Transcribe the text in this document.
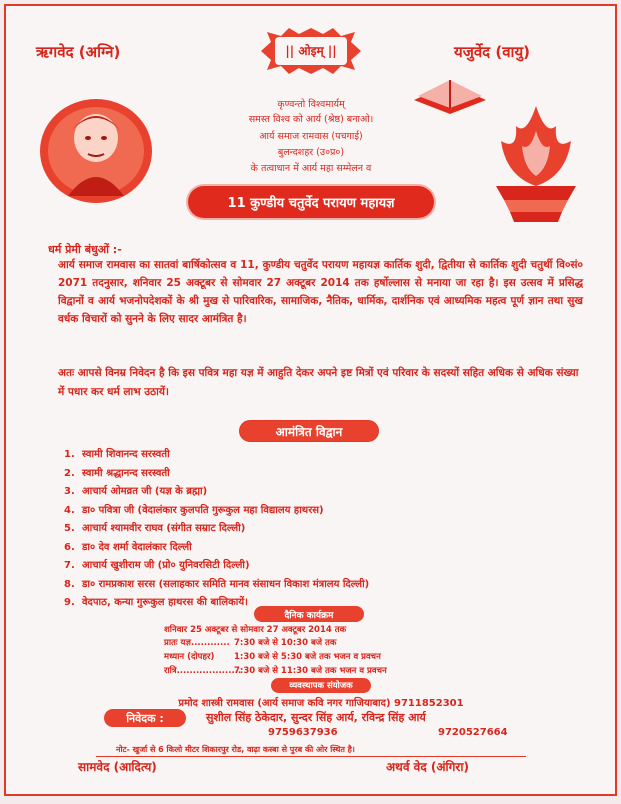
ऋगवेद (अग्नि)	यजुर्वेद (वायु)
|| ओइम् ||
कृण्वन्तो विश्वमार्यम्
समस्त विश्व को आर्य (श्रेष्ठ) बनाओ।
आर्य समाज रामवास (पचगाई)
बुलन्दशहर (उ०प्र०)
के तत्वाधान में आर्य महा सम्मेलन व
11 कुण्डीय चतुर्वेद परायण महायज्ञ
धर्म प्रेमी बंधुओं :-
आर्य समाज रामवास का सातवां बार्षिकोत्सव व 11, कुण्डीय चतुर्वेद परायण महायज्ञ कार्तिक शुदी, द्वितीया से कार्तिक शुदी चतुर्थी वि०सं० 2071 तदनुसार, शनिवार 25 अक्टूबर से सोमवार 27 अक्टूबर 2014 तक हर्षोल्लास से मनाया जा रहा है। इस उत्सव में प्रसिद्ध विद्वानों व आर्य भजनोपदेशकों के श्री मुख से पारिवारिक, सामाजिक, नैतिक, धार्मिक, दार्शनिक एवं आध्यमिक महत्व पूर्ण ज्ञान तथा सुख वर्धक विचारों को सुनने के लिए सादर आमंत्रित है।
अतः आपसे विनम्र निवेदन है कि इस पवित्र महा यज्ञ में आहुति देकर अपने इष्ट मित्रों एवं परिवार के सदस्यों सहित अधिक से अधिक संख्या में पधार कर धर्म लाभ उठायें।
आमंत्रित विद्वान
1. स्वामी शिवानन्द सरस्वती
2. स्वामी श्रद्धानन्द सरस्वती
3. आचार्य ओमव्रत जी (यज्ञ के ब्रह्मा)
4. डा० पवित्रा जी (वेदालंकार कुलपति गुरूकुल महा विद्यालय हाथरस)
5. आचार्य श्यामवीर राघव (संगीत सम्राट दिल्ली)
6. डा० देव शर्मा वेदालंकार दिल्ली
7. आचार्य खुशीराम जी (प्रो० युनिवरसिटी दिल्ली)
8. डा० रामप्रकाश सरस (सलाहकार समिति मानव संसाधन विकाश मंत्रालय दिल्ली)
9. वेदपाठ, कन्या गुरूकुल हाथरस की बालिकायें।
दैनिक कार्यक्रम
शनिवार 25 अक्टूबर से सोमवार 27 अक्टूबर 2014 तक
प्रातः यज्ञ............ 7:30 बजे से 10:30 बजे तक
मध्यान (दोपहर) 1:30 बजे से 5:30 बजे तक भजन व प्रवचन
रात्रि....................7:30 बजे से 11:30 बजे तक भजन व प्रवचन
व्यवस्थापक संयोजक
प्रमोद शास्त्री रामवास (आर्य समाज कवि नगर गाजियाबाद) 9711852301
निवेदक :	सुशील सिंह ठेकेदार, सुन्दर सिंह आर्य, रविन्द्र सिंह आर्य
9759637936	9720527664
नोट- खुर्जा से 6 किलो मीटर शिकारपुर रोड, वाढ़ा कस्बा से पुरब की ओर स्थित है।
सामवेद (आदित्य)	अथर्व वेद (अंगिरा)
